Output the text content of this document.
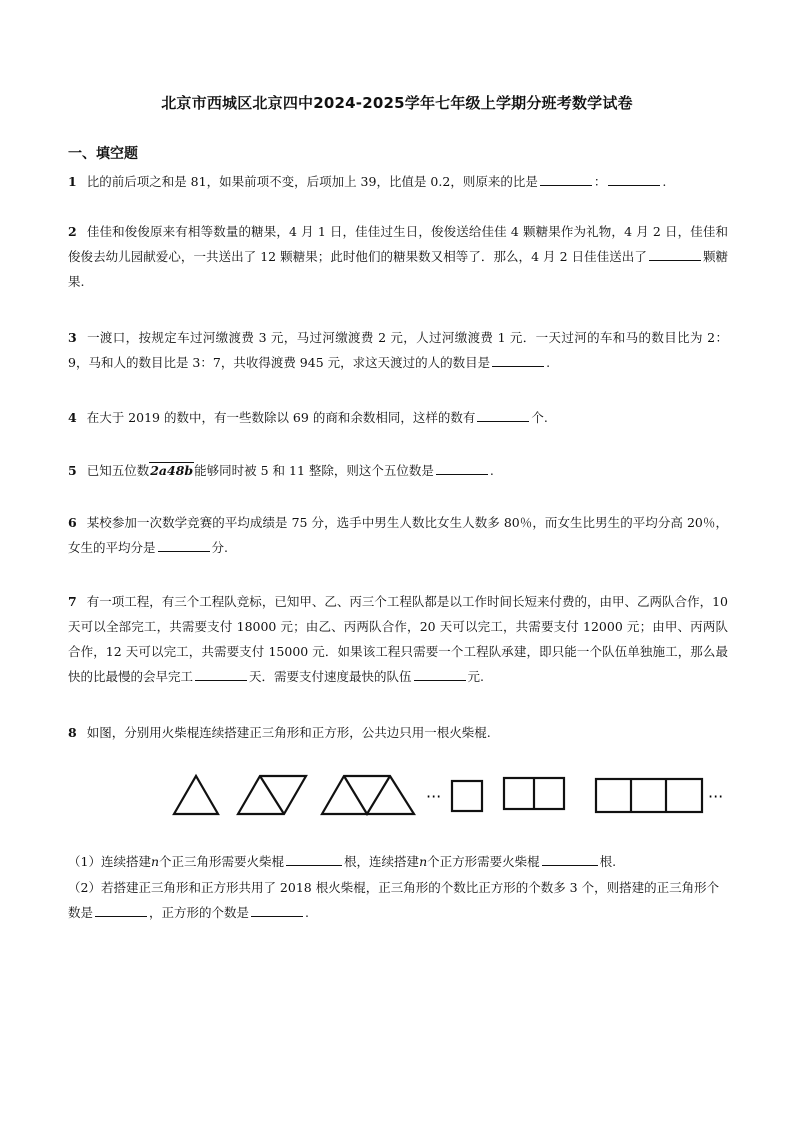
北京市西城区北京四中2024-2025学年七年级上学期分班考数学试卷
一、填空题
1 比的前后项之和是 81，如果前项不变，后项加上 39，比值是 0.2，则原来的比是	：	.
2 佳佳和俊俊原来有相等数量的糖果，4 月 1 日，佳佳过生日，俊俊送给佳佳 4 颗糖果作为礼物，4 月 2 日，佳佳和俊俊去幼儿园献爱心，一共送出了 12 颗糖果；此时他们的糖果数又相等了．那么，4 月 2 日佳佳送出了	颗糖果.
3 一渡口，按规定车过河缴渡费 3 元，马过河缴渡费 2 元，人过河缴渡费 1 元．一天过河的车和马的数目比为 2：9，马和人的数目比是 3：7，共收得渡费 945 元，求这天渡过的人的数目是	.
4 在大于 2019 的数中，有一些数除以 69 的商和余数相同，这样的数有	个.
5 已知五位数2a48b能够同时被 5 和 11 整除，则这个五位数是	.
6 某校参加一次数学竞赛的平均成绩是 75 分，选手中男生人数比女生人数多 80％，而女生比男生的平均分高 20％，女生的平均分是	分.
7 有一项工程，有三个工程队竞标，已知甲、乙、丙三个工程队都是以工作时间长短来付费的，由甲、乙两队合作，10 天可以全部完工，共需要支付 18000 元；由乙、丙两队合作，20 天可以完工，共需要支付 12000 元；由甲、丙两队合作，12 天可以完工，共需要支付 15000 元．如果该工程只需要一个工程队承建，即只能一个队伍单独施工，那么最快的比最慢的会早完工	天．需要支付速度最快的队伍	元.
8 如图，分别用火柴棍连续搭建正三角形和正方形，公共边只用一根火柴棍.
···	···
（1）连续搭建n个正三角形需要火柴棍	根，连续搭建n个正方形需要火柴棍	根.
（2）若搭建正三角形和正方形共用了 2018 根火柴棍，正三角形的个数比正方形的个数多 3 个，则搭建的正三角形个数是	，正方形的个数是	.
